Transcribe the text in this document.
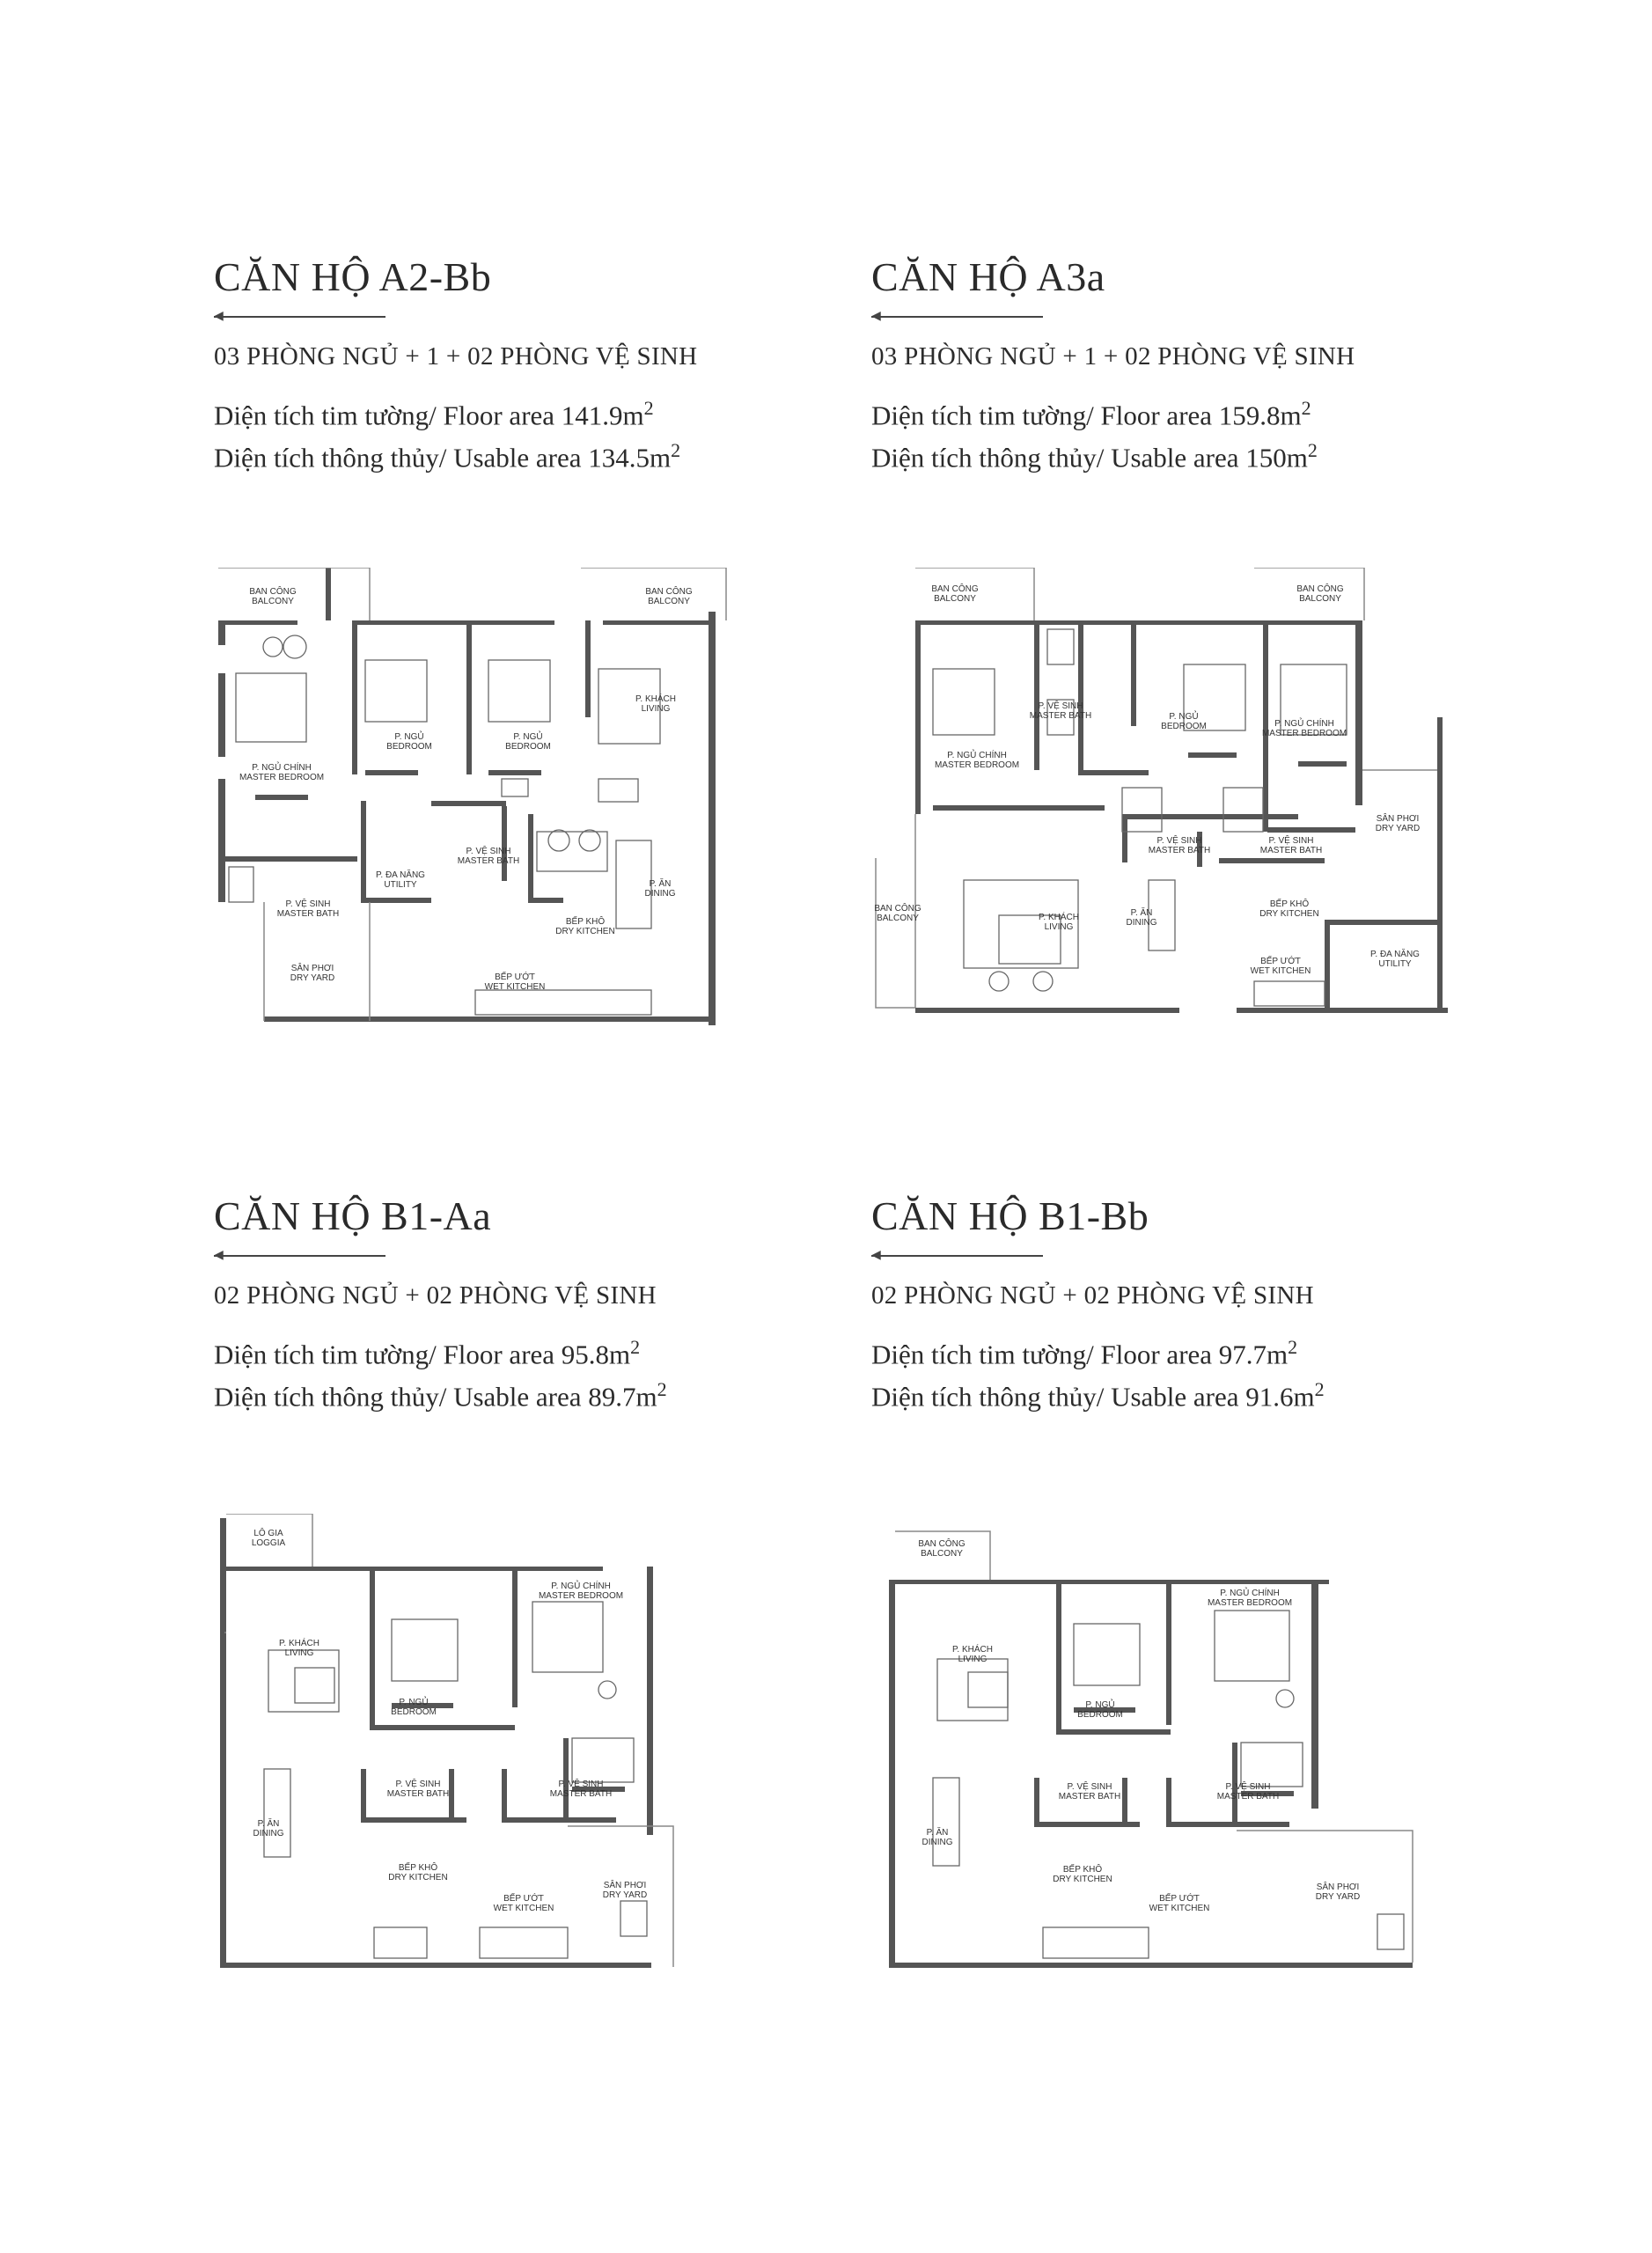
CĂN HỘ A2-Bb
◀
03 PHÒNG NGỦ + 1 + 02 PHÒNG VỆ SINH
Diện tích tim tường/ Floor area $141.9m^2$
Diện tích thông thủy/ Usable area $134.5m^2$
BAN CÔNG
BALCONY
BAN CÔNG
BALCONY
P. NGỦ
BEDROOM
P. NGỦ
BEDROOM
P. KHÁCH
LIVING
P. NGỦ CHÍNH
MASTER BEDROOM
P. ĐA NĂNG
UTILITY
P. VỆ SINH
MASTER BATH
P. VỆ SINH
MASTER BATH
P. ĂN
DINING
BẾP KHÔ
DRY KITCHEN
SÂN PHƠI
DRY YARD	BẾP ƯỚT
WET KITCHEN
CĂN HỘ A3a
◀
03 PHÒNG NGỦ + 1 + 02 PHÒNG VỆ SINH
Diện tích tim tường/ Floor area $159.8m^2$
Diện tích thông thủy/ Usable area $150m^2$
BAN CÔNG
BALCONY
BAN CÔNG
BALCONY
P. VỆ SINH
MASTER BATH	P. NGỦ
BEDROOM
P. NGỦ CHÍNH
MASTER BEDROOM
P. NGỦ CHÍNH
MASTER BEDROOM
P. VỆ SINH
MASTER BATH
P. VỆ SINH
MASTER BATH
SÂN PHƠI
DRY YARD
BAN CÔNG
BALCONY	P. KHÁCH
LIVING
P. ĂN
DINING
BẾP KHÔ
DRY KITCHEN
BẾP ƯỚT
WET KITCHEN
P. ĐA NĂNG
UTILITY
CĂN HỘ B1-Aa
◀
02 PHÒNG NGỦ + 02 PHÒNG VỆ SINH
Diện tích tim tường/ Floor area $95.8m^2$
Diện tích thông thủy/ Usable area $89.7m^2$
LÔ GIA
LOGGIA
P. NGỦ CHÍNH
MASTER BEDROOM
P. KHÁCH
LIVING
P. NGỦ
BEDROOM
P. ĂN
DINING
P. VỆ SINH
MASTER BATH
P. VỆ SINH
MASTER BATH
BẾP KHÔ
DRY KITCHEN
SÂN PHƠI
DRY YARD
BẾP ƯỚT
WET KITCHEN
CĂN HỘ B1-Bb
◀
02 PHÒNG NGỦ + 02 PHÒNG VỆ SINH
Diện tích tim tường/ Floor area $97.7m^2$
Diện tích thông thủy/ Usable area $91.6m^2$
BAN CÔNG
BALCONY
P. NGỦ CHÍNH
MASTER BEDROOM
P. KHÁCH
LIVING
P. NGỦ
BEDROOM
P. ĂN
DINING
P. VỆ SINH
MASTER BATH
P. VỆ SINH
MASTER BATH
BẾP KHÔ
DRY KITCHEN
BẾP ƯỚT
WET KITCHEN
SÂN PHƠI
DRY YARD
